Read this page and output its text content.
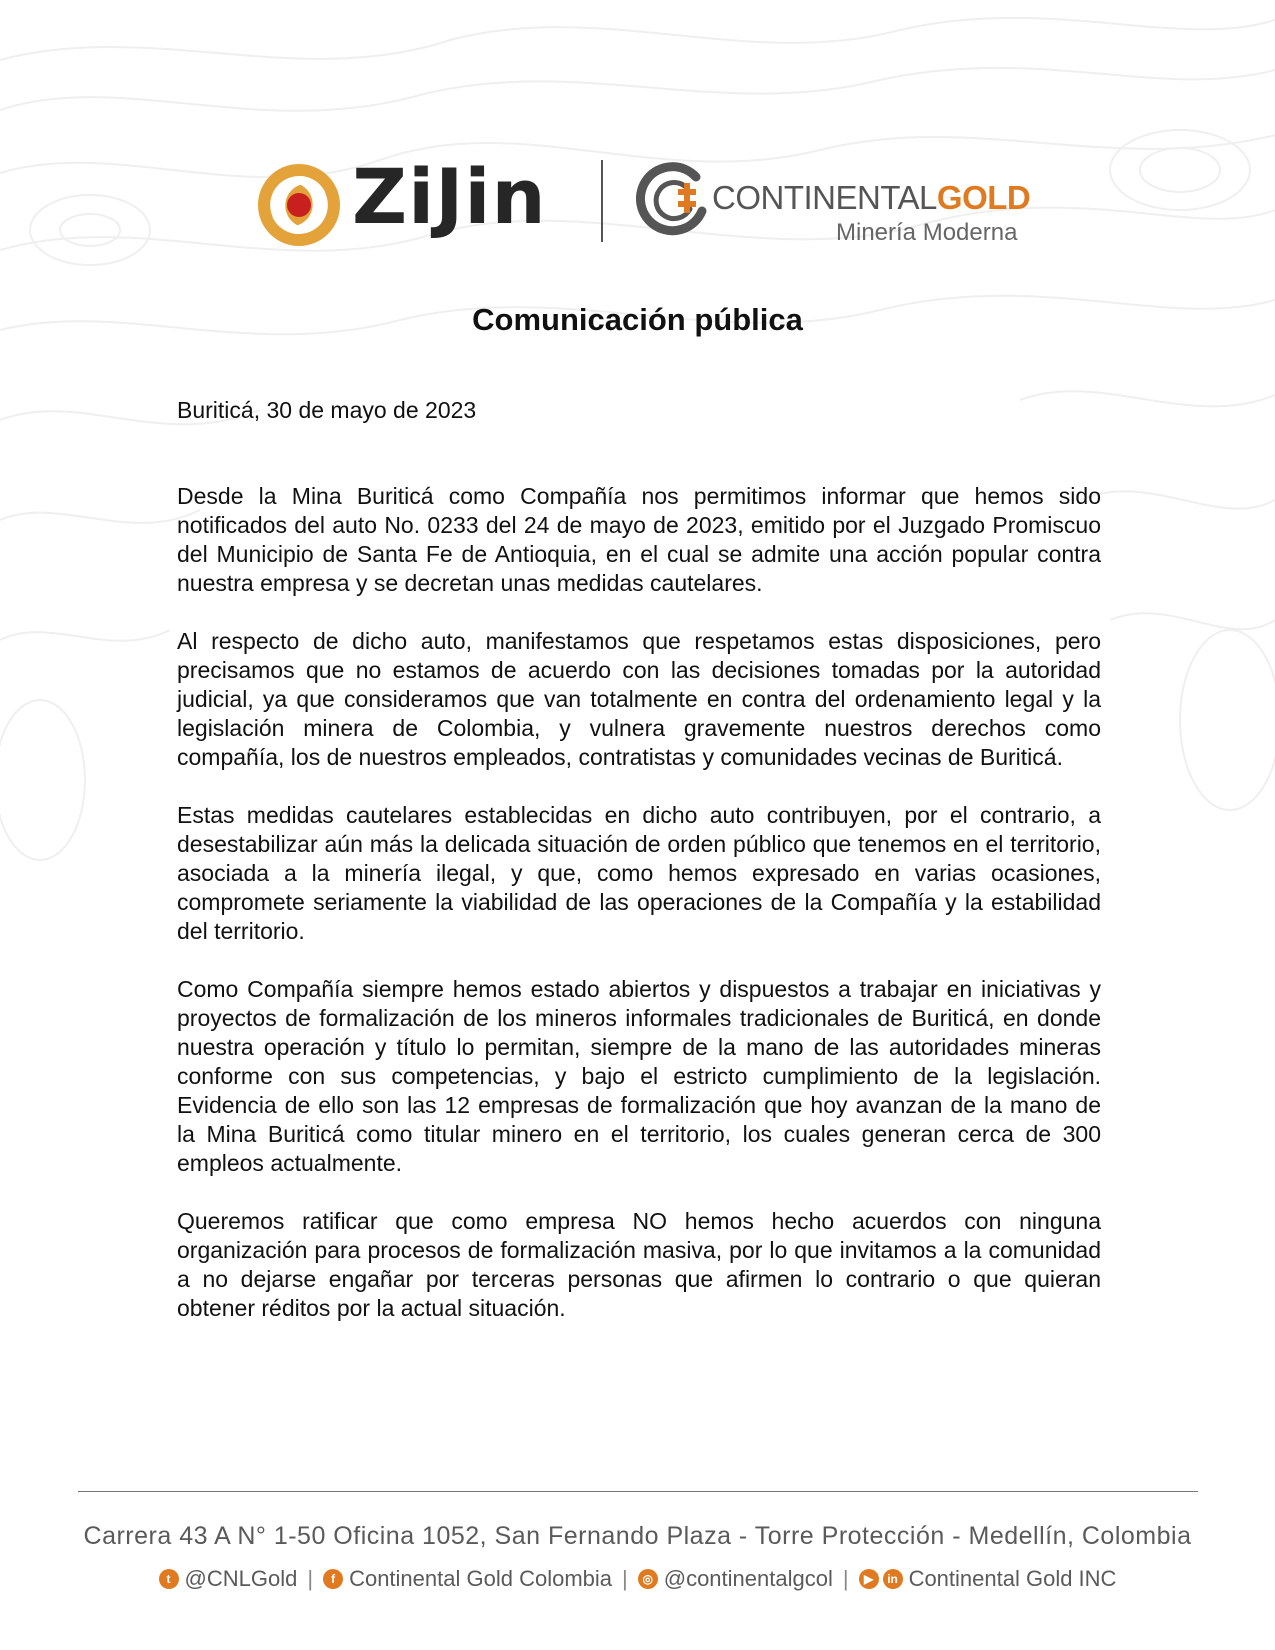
ZiJin	CONTINENTALGOLD
Minería Moderna
Comunicación pública

Buriticá, 30 de mayo de 2023

Desde la Mina Buriticá como Compañía nos permitimos informar que hemos sido notificados del auto No. 0233 del 24 de mayo de 2023, emitido por el Juzgado Promiscuo del Municipio de Santa Fe de Antioquia, en el cual se admite una acción popular contra nuestra empresa y se decretan unas medidas cautelares.

Al respecto de dicho auto, manifestamos que respetamos estas disposiciones, pero precisamos que no estamos de acuerdo con las decisiones tomadas por la autoridad judicial, ya que consideramos que van totalmente en contra del ordenamiento legal y la legislación minera de Colombia, y vulnera gravemente nuestros derechos como compañía, los de nuestros empleados, contratistas y comunidades vecinas de Buriticá.

Estas medidas cautelares establecidas en dicho auto contribuyen, por el contrario, a desestabilizar aún más la delicada situación de orden público que tenemos en el territorio, asociada a la minería ilegal, y que, como hemos expresado en varias ocasiones, compromete seriamente la viabilidad de las operaciones de la Compañía y la estabilidad del territorio.

Como Compañía siempre hemos estado abiertos y dispuestos a trabajar en iniciativas y proyectos de formalización de los mineros informales tradicionales de Buriticá, en donde nuestra operación y título lo permitan, siempre de la mano de las autoridades mineras conforme con sus competencias, y bajo el estricto cumplimiento de la legislación. Evidencia de ello son las 12 empresas de formalización que hoy avanzan de la mano de la Mina Buriticá como titular minero en el territorio, los cuales generan cerca de 300 empleos actualmente.

Queremos ratificar que como empresa NO hemos hecho acuerdos con ninguna organización para procesos de formalización masiva, por lo que invitamos a la comunidad a no dejarse engañar por terceras personas que afirmen lo contrario o que quieran obtener réditos por la actual situación.

Carrera 43 A N° 1-50 Oficina 1052, San Fernando Plaza - Torre Protección - Medellín, Colombia
t @CNLGold |	f Continental Gold Colombia |	◎ @continentalgcol |	▶	in Continental Gold INC
